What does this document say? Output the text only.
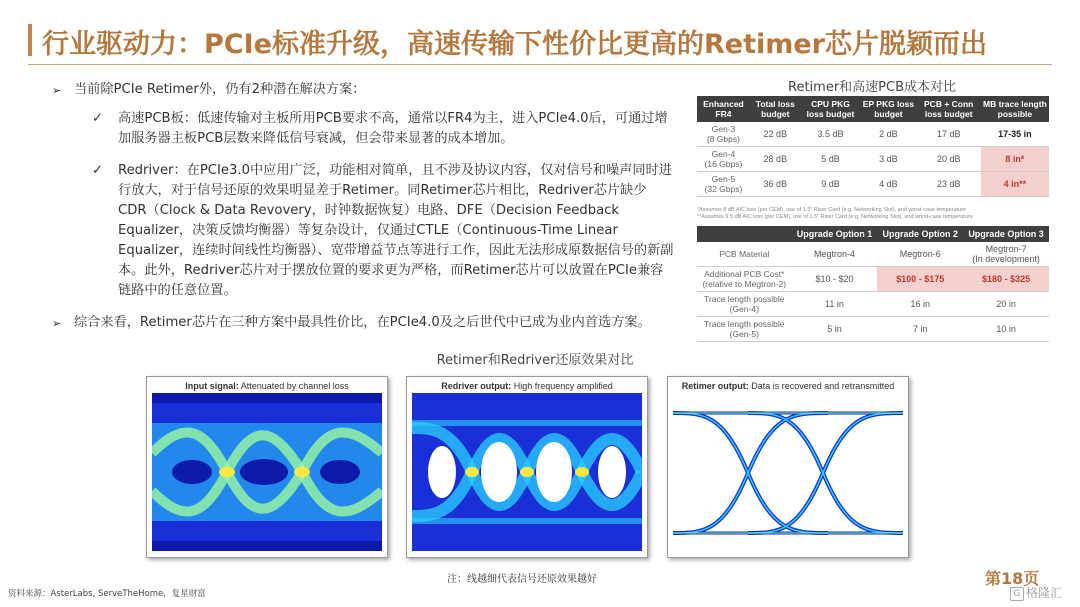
行业驱动力：PCIe标准升级，高速传输下性价比更高的Retimer芯片脱颖而出
➢ 当前除PCIe Retimer外，仍有2种潜在解决方案：
✓	高速PCB板：低速传输对主板所用PCB要求不高，通常以FR4为主，进入PCIe4.0后，可通过增加服务器主板PCB层数来降低信号衰减，但会带来显著的成本增加。
✓	Redriver：在PCIe3.0中应用广泛，功能相对简单，且不涉及协议内容，仅对信号和噪声同时进行放大，对于信号还原的效果明显差于Retimer。同Retimer芯片相比，Redriver芯片缺少CDR（Clock & Data Revovery，时钟数据恢复）电路、DFE（Decision Feedback Equalizer，决策反馈均衡器）等复杂设计，仅通过CTLE（Continuous-Time Linear Equalizer，连续时间线性均衡器）、宽带增益节点等进行工作，因此无法形成原数据信号的新副本。此外，Redriver芯片对于摆放位置的要求更为严格，而Retimer芯片可以放置在PCIe兼容链路中的任意位置。
➢ 综合来看，Retimer芯片在三种方案中最具性价比，在PCIe4.0及之后世代中已成为业内首选方案。
Retimer和高速PCB成本对比
Enhanced FR4	Total loss budget	CPU PKG loss budget	EP PKG loss budget	PCB + Conn loss budget	MB trace length possible
Gen-3
(8 Gbps)	22 dB	3.5 dB	2 dB	17 dB	17-35 in
Gen-4
(16 Gbps)	28 dB	5 dB	3 dB	20 dB	8 in*
Gen-5
(32 Gbps)	36 dB	9 dB	4 dB	23 dB	4 in**
*Assumes 8 dB AIC loss (per CEM), use of 1.5" Riser Card (e.g. Networking Slot), and worst-case temperature
**Assumes 9.5 dB AIC loss (per CEM), use of 1.5" Riser Card (e.g. Networking Slot), and worst-case temperature
	Upgrade Option 1	Upgrade Option 2	Upgrade Option 3
PCB Material	Megtron-4	Megtron-6	Megtron-7
(In development)
Additional PCB Cost*
(relative to Megtron-2)	$10 - $20	$100 - $175	$180 - $325
Trace length possible
(Gen-4)	11 in	16 in	20 in
Trace length possible
(Gen-5)	5 in	7 in	10 in
Retimer和Redriver还原效果对比
Input signal: Attenuated by channel loss	Redriver output: High frequency amplified	Retimer output: Data is recovered and retransmitted
注：线越细代表信号还原效果越好	第18页
资料来源：AsterLabs, ServeTheHome，复星财富	G 格隆汇
